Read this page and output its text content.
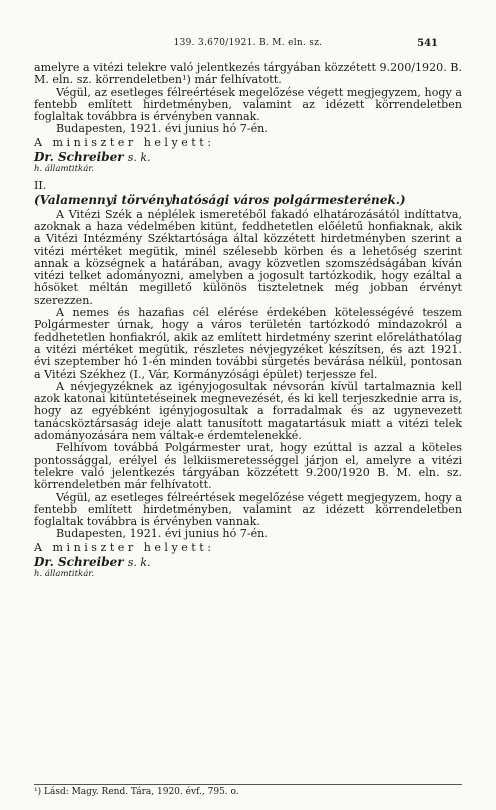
139. 3.670/1921. B. M. eln. sz.	541

amelyre a vitézi telekre való jelentkezés tárgyában közzétett 9.200/1920. B. M. eln. sz. körrendeletben¹) már felhívatott.

Végül, az esetleges félreértések megelőzése végett megjegyzem, hogy a fentebb említett hirdetményben, valamint az idézett körrendeletben foglaltak továbbra is érvényben vannak.

Budapesten, 1921. évi junius hó 7-én.

A miniszter helyett:

Dr. Schreiber s. k.

h. államtitkár.

II.

(Valamennyi törvényhatósági város polgármesterének.)

A Vitézi Szék a néplélek ismeretéből fakadó elhatározásától indíttatva, azoknak a haza védelmében kitünt, feddhetetlen előéletű honfiaknak, akik a Vitézi Intézmény Széktartósága által közzétett hirdetményben szerint a vitézi mértéket megütik, minél szélesebb körben és a lehetőség szerint annak a községnek a határában, avagy közvetlen szomszédságában kíván vitézi telket adományozni, amelyben a jogosult tartózkodik, hogy ezáltal a hősöket méltán megillető különös tiszteletnek még jobban érvényt szerezzen.

A nemes és hazafias cél elérése érdekében kötelességévé teszem Polgármester úrnak, hogy a város területén tartózkodó mindazokról a feddhetetlen honfiakról, akik az említett hirdetmény szerint előreláthatólag a vitézi mértéket megütik, részletes névjegyzéket készítsen, és azt 1921. évi szeptember hó 1-én minden további sürgetés bevárása nélkül, pontosan a Vitézi Székhez (I., Vár, Kormányzósági épület) terjessze fel.

A névjegyzéknek az igényjogosultak névsorán kívül tartalmaznia kell azok katonai kitüntetéseinek megnevezését, és ki kell terjeszkednie arra is, hogy az egyébként igényjogosultak a forradalmak és az ugynevezett tanácsköztársaság ideje alatt tanusított magatartásuk miatt a vitézi telek adományozására nem váltak-e érdemtelenekké.

Felhívom továbbá Polgármester urat, hogy ezúttal is azzal a köteles pontossággal, erélyel és lelkiismeretességgel járjon el, amelyre a vitézi telekre való jelentkezés tárgyában közzétett 9.200/1920 B. M. eln. sz. körrendeletben már felhívatott.

Végül, az esetleges félreértések megelőzése végett megjegyzem, hogy a fentebb említett hirdetményben, valamint az idézett körrendeletben foglaltak továbbra is érvényben vannak.

Budapesten, 1921. évi junius hó 7-én.

A miniszter helyett:

Dr. Schreiber s. k.

h. államtitkár.

¹) Lásd: Magy. Rend. Tára, 1920. évf., 795. o.
